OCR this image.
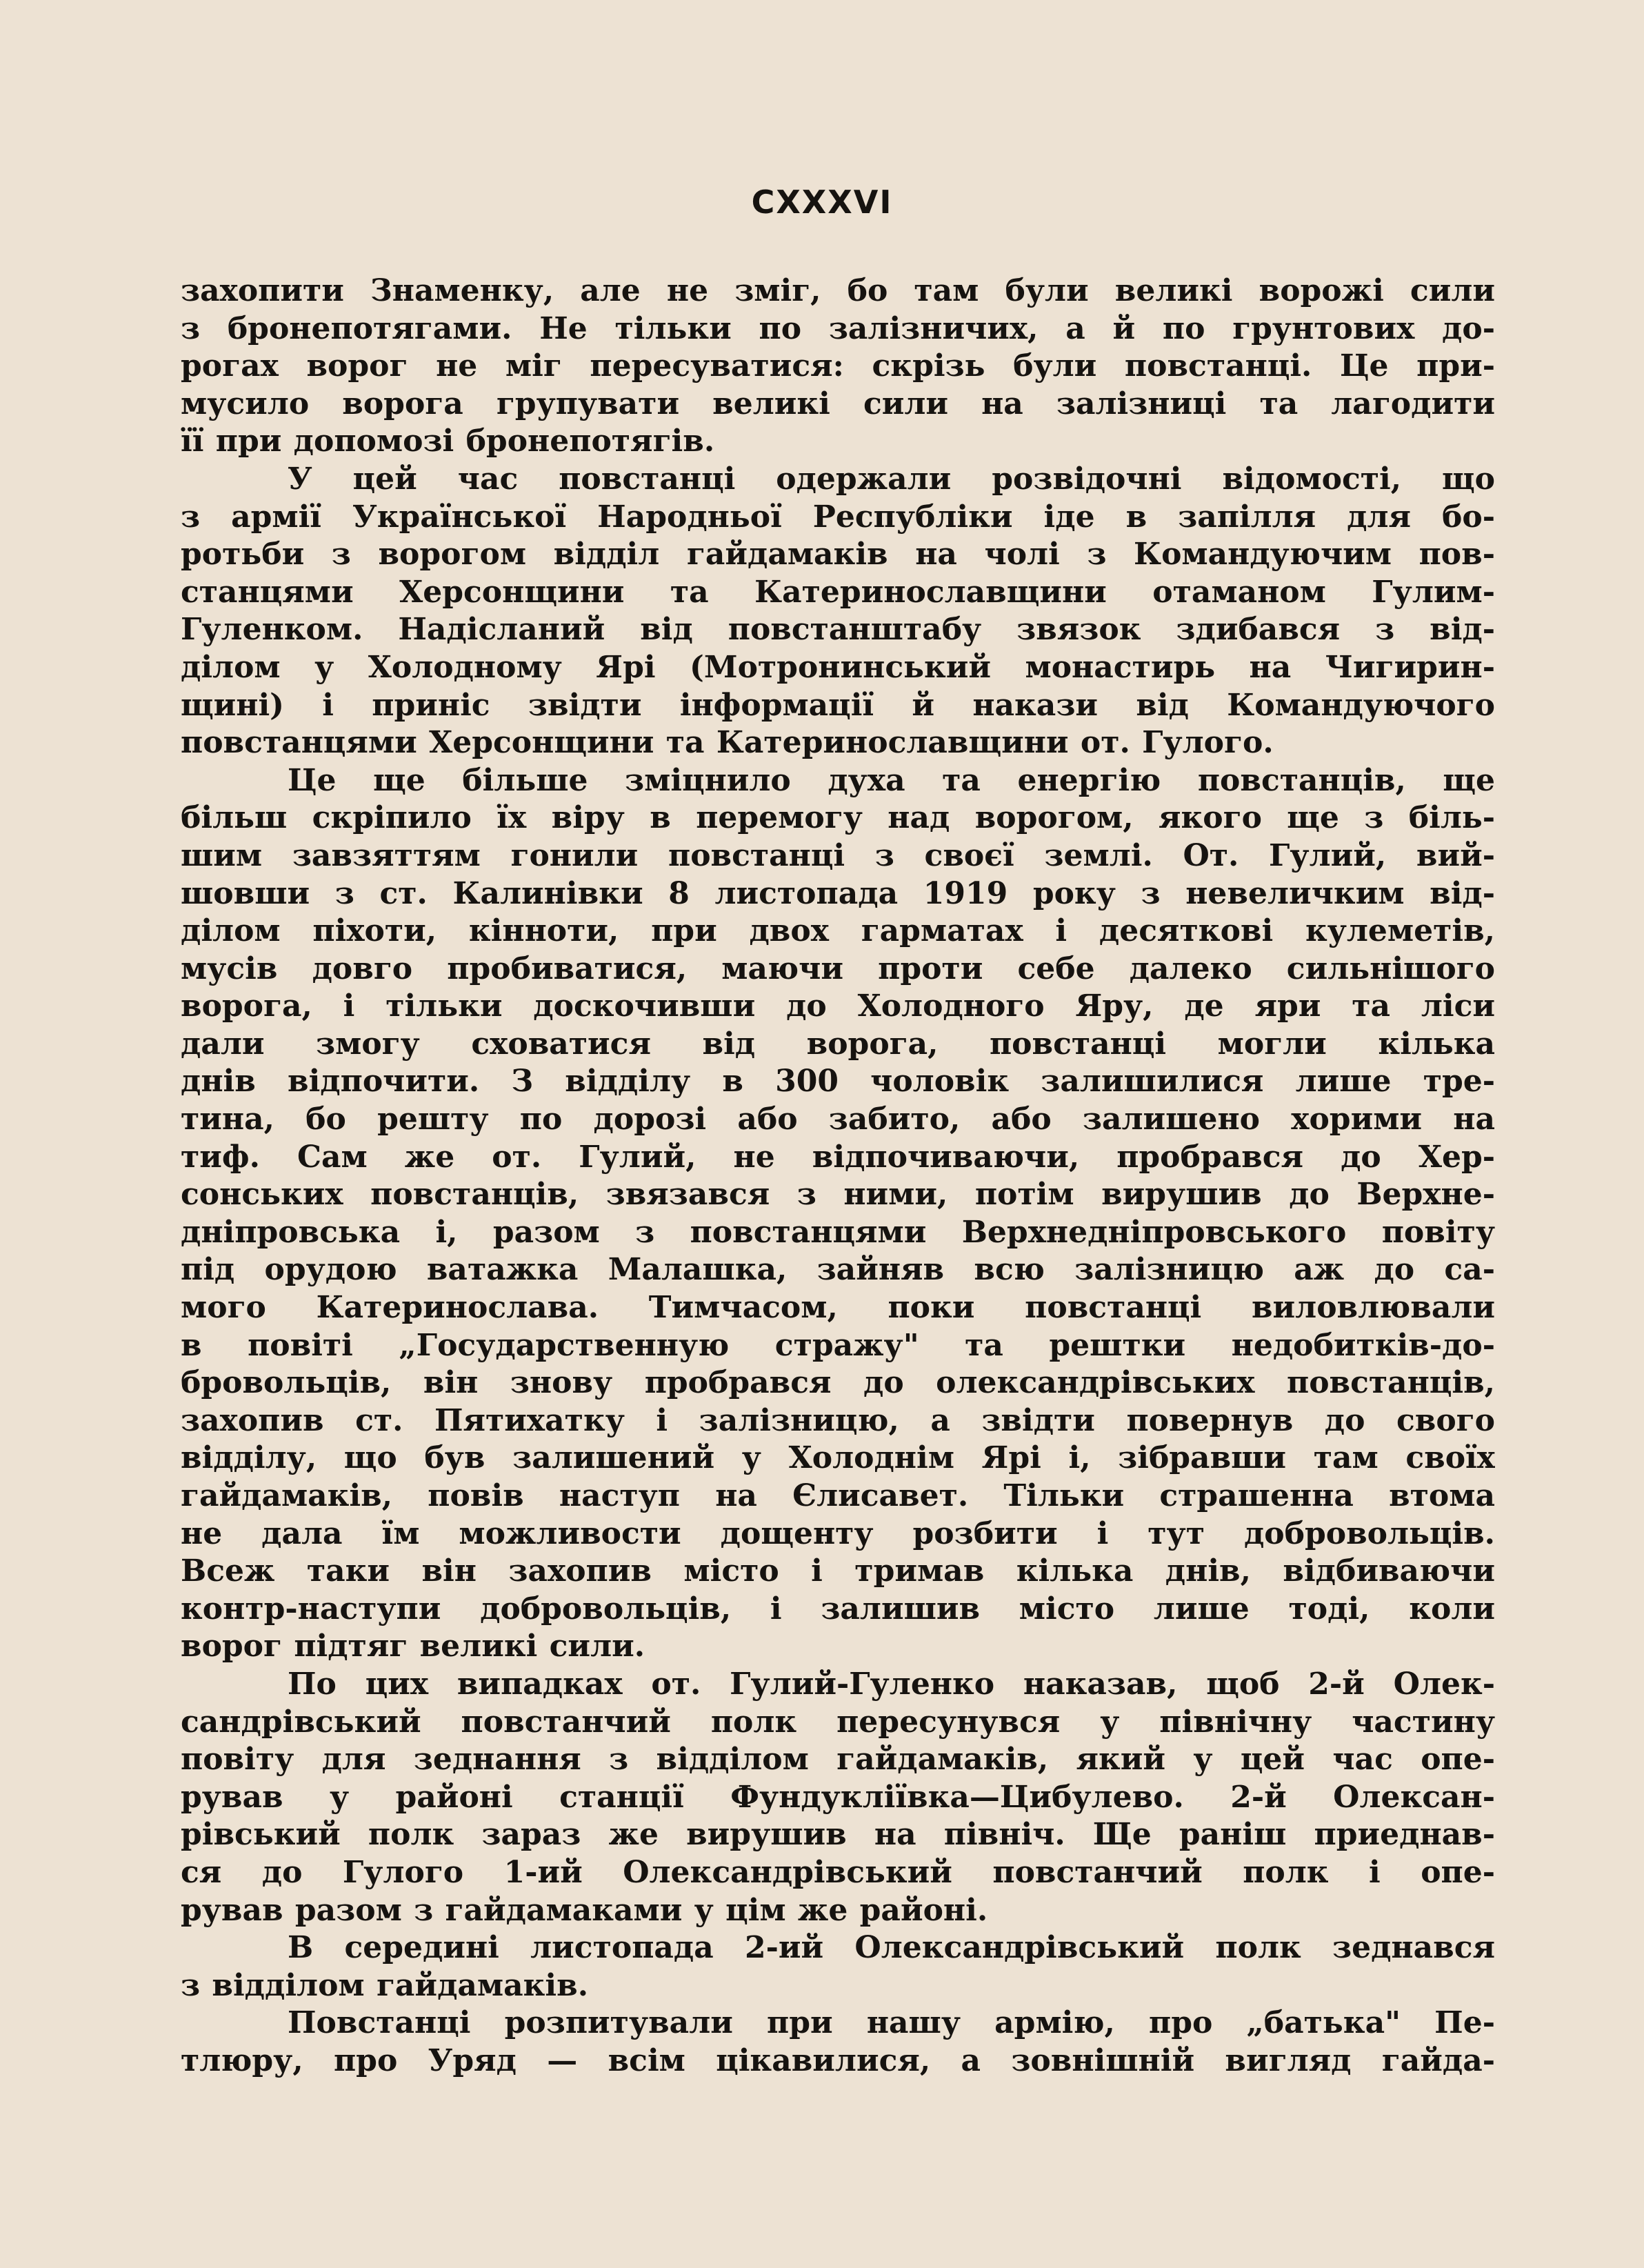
CXXXVI
захопити Знаменку, але не зміг, бо там були великі ворожі сили
з бронепотягами. Не тільки по залізничих, а й по грунтових до-
рогах ворог не міг пересуватися: скрізь були повстанці. Це при-
мусило ворога групувати великі сили на залізниці та лагодити
її при допомозі бронепотягів.
У цей час повстанці одержали розвідочні відомості, що
з армії Української Народньої Республіки іде в запілля для бо-
ротьби з ворогом відділ гайдамаків на чолі з Командуючим пов-
станцями Херсонщини та Катеринославщини отаманом Гулим-
Гуленком. Надісланий від повстанштабу звязок здибався з від-
ділом у Холодному Ярі (Мотронинський монастирь на Чигирин-
щині) і приніс звідти інформації й накази від Командуючого
повстанцями Херсонщини та Катеринославщини от. Гулого.
Це ще більше зміцнило духа та енергію повстанців, ще
більш скріпило їх віру в перемогу над ворогом, якого ще з біль-
шим завзяттям гонили повстанці з своєї землі. От. Гулий, вий-
шовши з ст. Калинівки 8 листопада 1919 року з невеличким від-
ділом піхоти, кінноти, при двох гарматах і десяткові кулеметів,
мусів довго пробиватися, маючи проти себе далеко сильнішого
ворога, і тільки доскочивши до Холодного Яру, де яри та ліси
дали змогу сховатися від ворога, повстанці могли кілька
днів відпочити. З відділу в 300 чоловік залишилися лише тре-
тина, бо решту по дорозі або забито, або залишено хорими на
тиф. Сам же от. Гулий, не відпочиваючи, пробрався до Хер-
сонських повстанців, звязався з ними, потім вирушив до Верхне-
дніпровська і, разом з повстанцями Верхнедніпровського повіту
під орудою ватажка Малашка, зайняв всю залізницю аж до са-
мого Катеринослава. Тимчасом, поки повстанці виловлювали
в повіті „Государственную стражу" та рештки недобитків-до-
бровольців, він знову пробрався до олександрівських повстанців,
захопив ст. Пятихатку і залізницю, а звідти повернув до свого
відділу, що був залишений у Холоднім Ярі і, зібравши там своїх
гайдамаків, повів наступ на Єлисавет. Тільки страшенна втома
не дала їм можливости дощенту розбити і тут добровольців.
Всеж таки він захопив місто і тримав кілька днів, відбиваючи
контр-наступи добровольців, і залишив місто лише тоді, коли
ворог підтяг великі сили.
По цих випадках от. Гулий-Гуленко наказав, щоб 2-й Олек-
сандрівський повстанчий полк пересунувся у північну частину
повіту для зеднання з відділом гайдамаків, який у цей час опе-
рував у районі станції Фундукліївка—Цибулево. 2-й Олексан-
рівський полк зараз же вирушив на північ. Ще раніш приеднав-
ся до Гулого 1-ий Олександрівський повстанчий полк і опе-
рував разом з гайдамаками у цім же районі.
В середині листопада 2-ий Олександрівський полк зеднався
з відділом гайдамаків.
Повстанці розпитували при нашу армію, про „батька" Пе-
тлюру, про Уряд — всім цікавилися, а зовнішній вигляд гайда-
